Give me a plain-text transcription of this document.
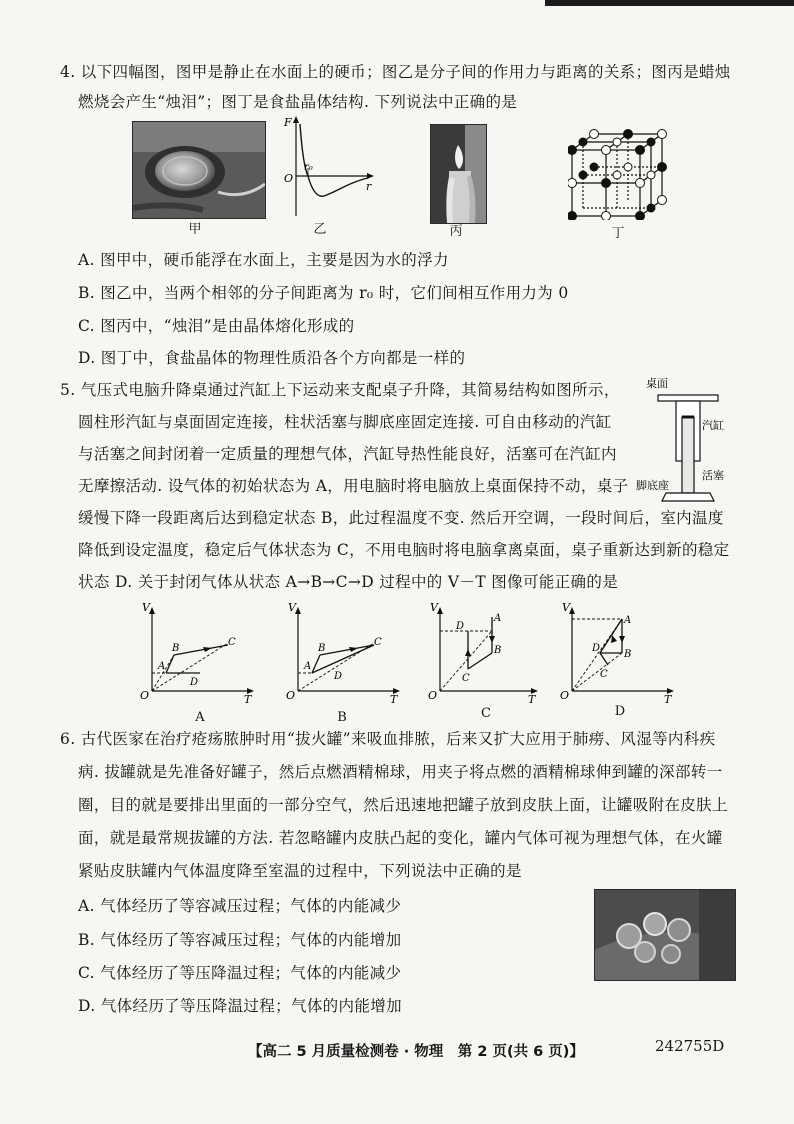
4. 以下四幅图，图甲是静止在水面上的硬币；图乙是分子间的作用力与距离的关系；图丙是蜡烛
燃烧会产生“烛泪”；图丁是食盐晶体结构. 下列说法中正确的是
甲
F
O
r₀
r
乙	丙	丁
A. 图甲中，硬币能浮在水面上，主要是因为水的浮力
B. 图乙中，当两个相邻的分子间距离为 r₀ 时，它们间相互作用力为 0
C. 图丙中，“烛泪”是由晶体熔化形成的
D. 图丁中，食盐晶体的物理性质沿各个方向都是一样的
5. 气压式电脑升降桌通过汽缸上下运动来支配桌子升降，其简易结构如图所示，
圆柱形汽缸与桌面固定连接，柱状活塞与脚底座固定连接. 可自由移动的汽缸
与活塞之间封闭着一定质量的理想气体，汽缸导热性能良好，活塞可在汽缸内
无摩擦活动. 设气体的初始状态为 A，用电脑时将电脑放上桌面保持不动，桌子
缓慢下降一段距离后达到稳定状态 B，此过程温度不变. 然后开空调，一段时间后，室内温度
降低到设定温度，稳定后气体状态为 C，不用电脑时将电脑拿离桌面，桌子重新达到新的稳定
状态 D. 关于封闭气体从状态 A→B→C→D 过程中的 V－T 图像可能正确的是
桌面
汽缸
活塞
脚底座
V
T
O
A
B
C
D
A
V
T
O
A
B
C
D
B
V
T
O
A
B
C
D
C
V
T
O
A
B
C
D
D
6. 古代医家在治疗疮疡脓肿时用“拔火罐”来吸血排脓，后来又扩大应用于肺痨、风湿等内科疾
病. 拔罐就是先准备好罐子，然后点燃酒精棉球，用夹子将点燃的酒精棉球伸到罐的深部转一
圈，目的就是要排出里面的一部分空气，然后迅速地把罐子放到皮肤上面，让罐吸附在皮肤上
面，就是最常规拔罐的方法. 若忽略罐内皮肤凸起的变化，罐内气体可视为理想气体，在火罐
紧贴皮肤罐内气体温度降至室温的过程中，下列说法中正确的是
A. 气体经历了等容减压过程；气体的内能减少
B. 气体经历了等容减压过程；气体的内能增加
C. 气体经历了等压降温过程；气体的内能减少
D. 气体经历了等压降温过程；气体的内能增加
【高二 5 月质量检测卷 · 物理　第 2 页(共 6 页)】	242755D
